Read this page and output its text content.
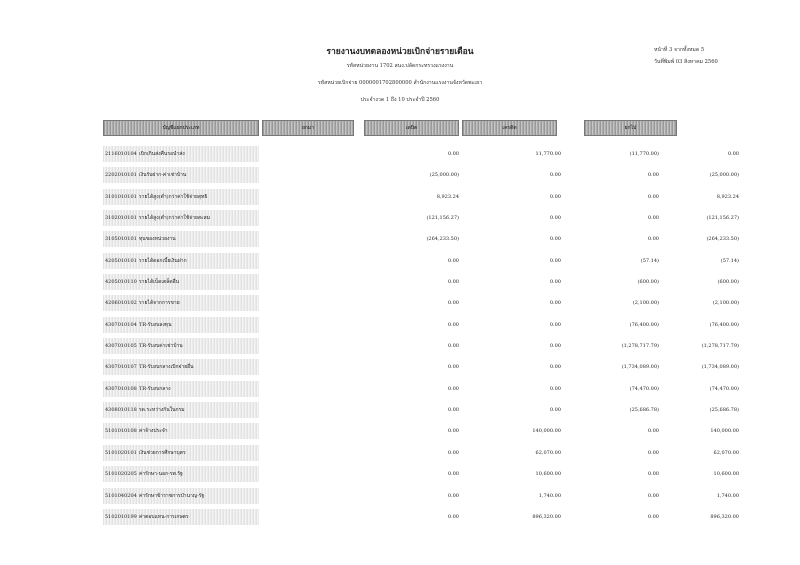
รายงานงบทดลองหน่วยเบิกจ่ายรายเดือน
รหัสหน่วยงาน 1702 สนง.ปลัดกระทรวงแรงงาน
รหัสหน่วยเบิกจ่าย 0000001702800000 สำนักงานแรงงานจังหวัดพะเยา
ประจำงวด 1 ถึง 10 ประจำปี 2560
หน้าที่ 3 จากทั้งหมด 5
วันที่พิมพ์ 03 สิงหาคม 2560
บัญชีแยกประเภท	ยกมา	เดบิต	เครดิต	ยกไป
2116010104 เบิกเกินส่งคืนรอนำส่ง	0.00	11,770.00	(11,770.00)	0.00
2202010101 เงินรับฝาก-ค่าเช่าบ้าน	(25,000.00)	0.00	0.00	(25,000.00)
3101010101 รายได้สูง(ต่ำ)กว่าค่าใช้จ่ายสุทธิ	8,923.24	0.00	0.00	8,923.24
3102010101 รายได้สูง(ต่ำ)กว่าค่าใช้จ่ายสะสม	(121,156.27)	0.00	0.00	(121,156.27)
3105010101 ทุนของหน่วยงาน	(264,233.50)	0.00	0.00	(264,233.50)
4205010101 รายได้ดอกเบี้ยเงินฝาก	0.00	0.00	(57.14)	(57.14)
4205010110 รายได้เบ็ดเตล็ดอื่น	0.00	0.00	(600.00)	(600.00)
4206010102 รายได้จากการขาย	0.00	0.00	(2,100.00)	(2,100.00)
4307010104 TR-รับงบลงทุน	0.00	0.00	(76,400.00)	(76,400.00)
4307010105 TR-รับงบค่าเช่าบ้าน	0.00	0.00	(1,278,717.79)	(1,278,717.79)
4307010107 TR-รับงบกลางเบิกจ่ายอื่น	0.00	0.00	(1,734,089.00)	(1,734,089.00)
4307010108 TR-รับงบกลาง	0.00	0.00	(74,470.00)	(74,470.00)
4308010118 รด.ระหว่างกันในกรม	0.00	0.00	(25,686.78)	(25,686.78)
5101010108 ค่าจ้างประจำ	0.00	140,000.00	0.00	140,000.00
5101020101 เงินช่วยการศึกษาบุตร	0.00	62,070.00	0.00	62,070.00
5101020205 ค่ารักษา-นอก-รพ.รัฐ	0.00	10,600.00	0.00	10,600.00
5101040204 ค่ารักษาข้าราชการบำนาญ-รัฐ	0.00	1,740.00	0.00	1,740.00
5102010199 ค่าตอบแทน-การเกษตร	0.00	896,320.00	0.00	896,320.00
